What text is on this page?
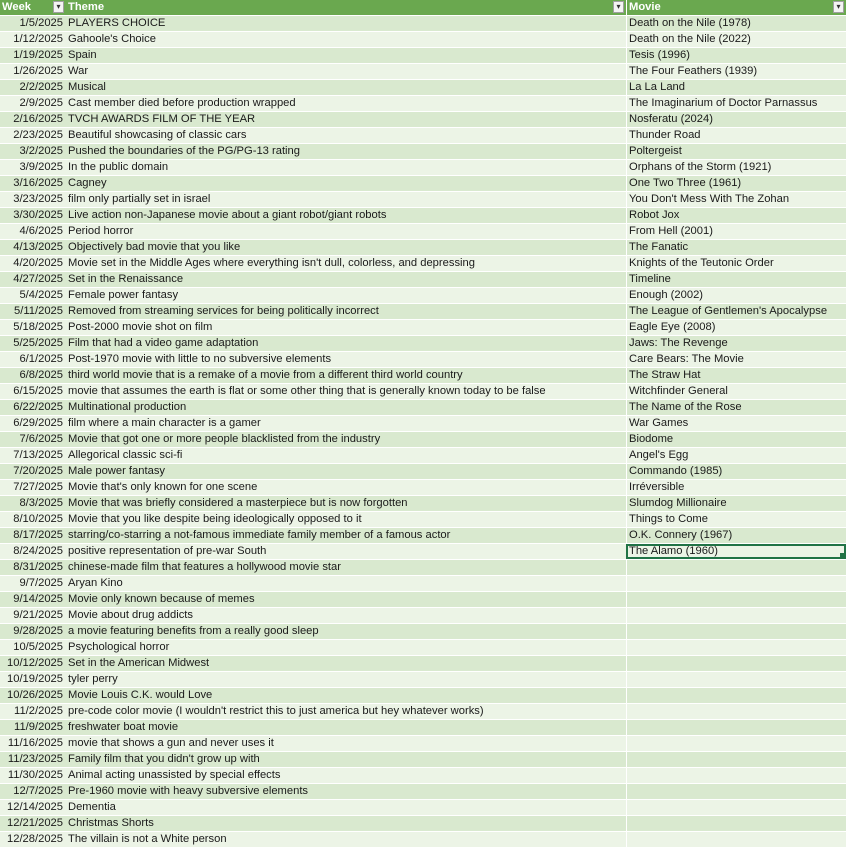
Week	▾ Theme	▾ Movie	▾
1/5/2025 PLAYERS CHOICE	Death on the Nile (1978)
1/12/2025 Gahoole's Choice	Death on the Nile (2022)
1/19/2025 Spain	Tesis (1996)
1/26/2025 War	The Four Feathers (1939)
2/2/2025 Musical	La La Land
2/9/2025 Cast member died before production wrapped	The Imaginarium of Doctor Parnassus
2/16/2025 TVCH AWARDS FILM OF THE YEAR	Nosferatu (2024)
2/23/2025 Beautiful showcasing of classic cars	Thunder Road
3/2/2025 Pushed the boundaries of the PG/PG-13 rating	Poltergeist
3/9/2025 In the public domain	Orphans of the Storm (1921)
3/16/2025 Cagney	One Two Three (1961)
3/23/2025 film only partially set in israel	You Don't Mess With The Zohan
3/30/2025 Live action non-Japanese movie about a giant robot/giant robots	Robot Jox
4/6/2025 Period horror	From Hell (2001)
4/13/2025 Objectively bad movie that you like	The Fanatic
4/20/2025 Movie set in the Middle Ages where everything isn't dull, colorless, and depressing	Knights of the Teutonic Order
4/27/2025 Set in the Renaissance	Timeline
5/4/2025 Female power fantasy	Enough (2002)
5/11/2025 Removed from streaming services for being politically incorrect	The League of Gentlemen's Apocalypse
5/18/2025 Post-2000 movie shot on film	Eagle Eye (2008)
5/25/2025 Film that had a video game adaptation	Jaws: The Revenge
6/1/2025 Post-1970 movie with little to no subversive elements	Care Bears: The Movie
6/8/2025 third world movie that is a remake of a movie from a different third world country	The Straw Hat
6/15/2025 movie that assumes the earth is flat or some other thing that is generally known today to be false	Witchfinder General
6/22/2025 Multinational production	The Name of the Rose
6/29/2025 film where a main character is a gamer	War Games
7/6/2025 Movie that got one or more people blacklisted from the industry	Biodome
7/13/2025 Allegorical classic sci-fi	Angel's Egg
7/20/2025 Male power fantasy	Commando (1985)
7/27/2025 Movie that's only known for one scene	Irréversible
8/3/2025 Movie that was briefly considered a masterpiece but is now forgotten	Slumdog Millionaire
8/10/2025 Movie that you like despite being ideologically opposed to it	Things to Come
8/17/2025 starring/co-starring a not-famous immediate family member of a famous actor	O.K. Connery (1967)
8/24/2025 positive representation of pre-war South	The Alamo (1960)
8/31/2025 chinese-made film that features a hollywood movie star
9/7/2025 Aryan Kino
9/14/2025 Movie only known because of memes
9/21/2025 Movie about drug addicts
9/28/2025 a movie featuring benefits from a really good sleep
10/5/2025 Psychological horror
10/12/2025 Set in the American Midwest
10/19/2025 tyler perry
10/26/2025 Movie Louis C.K. would Love
11/2/2025 pre-code color movie (I wouldn't restrict this to just america but hey whatever works)
11/9/2025 freshwater boat movie
11/16/2025 movie that shows a gun and never uses it
11/23/2025 Family film that you didn't grow up with
11/30/2025 Animal acting unassisted by special effects
12/7/2025 Pre-1960 movie with heavy subversive elements
12/14/2025 Dementia
12/21/2025 Christmas Shorts
12/28/2025 The villain is not a White person
